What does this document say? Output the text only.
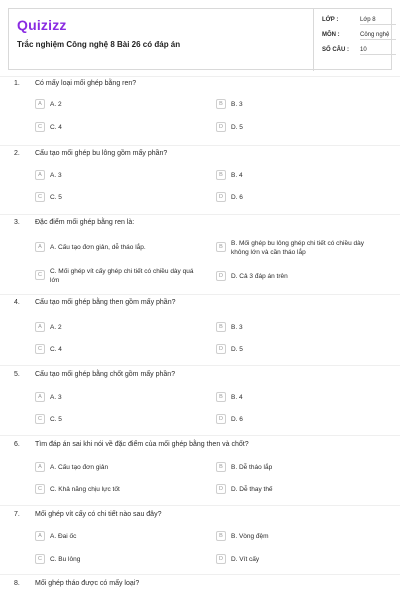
Quizizz
Trắc nghiệm Công nghệ 8 Bài 26 có đáp án
LỚP :	Lớp 8
MÔN :	Công nghệ
SỐ CÂU :	10
1. Có mấy loại mối ghép bằng ren?
A	A. 2	B	B. 3
C	C. 4	D	D. 5
2. Cấu tạo mối ghép bu lông gồm mấy phần?
A	A. 3	B	B. 4
C	C. 5	D	D. 6
3. Đặc điểm mối ghép bằng ren là:
A	A. Cấu tạo đơn giản, dễ tháo lắp.	B	B. Mối ghép bu lông ghép chi tiết có chiều dày không lớn và cần tháo lắp
C	C. Mối ghép vít cấy ghép chi tiết có chiều dày quá lớn
D	D. Cả 3 đáp án trên
4. Cấu tạo mối ghép bằng then gồm mấy phần?
A	A. 2	B	B. 3
C	C. 4	D	D. 5
5. Cấu tạo mối ghép bằng chốt gồm mấy phần?
A	A. 3	B	B. 4
C	C. 5	D	D. 6
6. Tìm đáp án sai khi nói về đặc điểm của mối ghép bằng then và chốt?
A	A. Cấu tạo đơn giản	B	B. Dễ tháo lắp
C	C. Khả năng chịu lực tốt	D	D. Dễ thay thế
7. Mối ghép vít cấy có chi tiết nào sau đây?
A	A. Đai ốc	B	B. Vòng đệm
C	C. Bu lông	D	D. Vít cấy
8. Mối ghép tháo được có mấy loại?
